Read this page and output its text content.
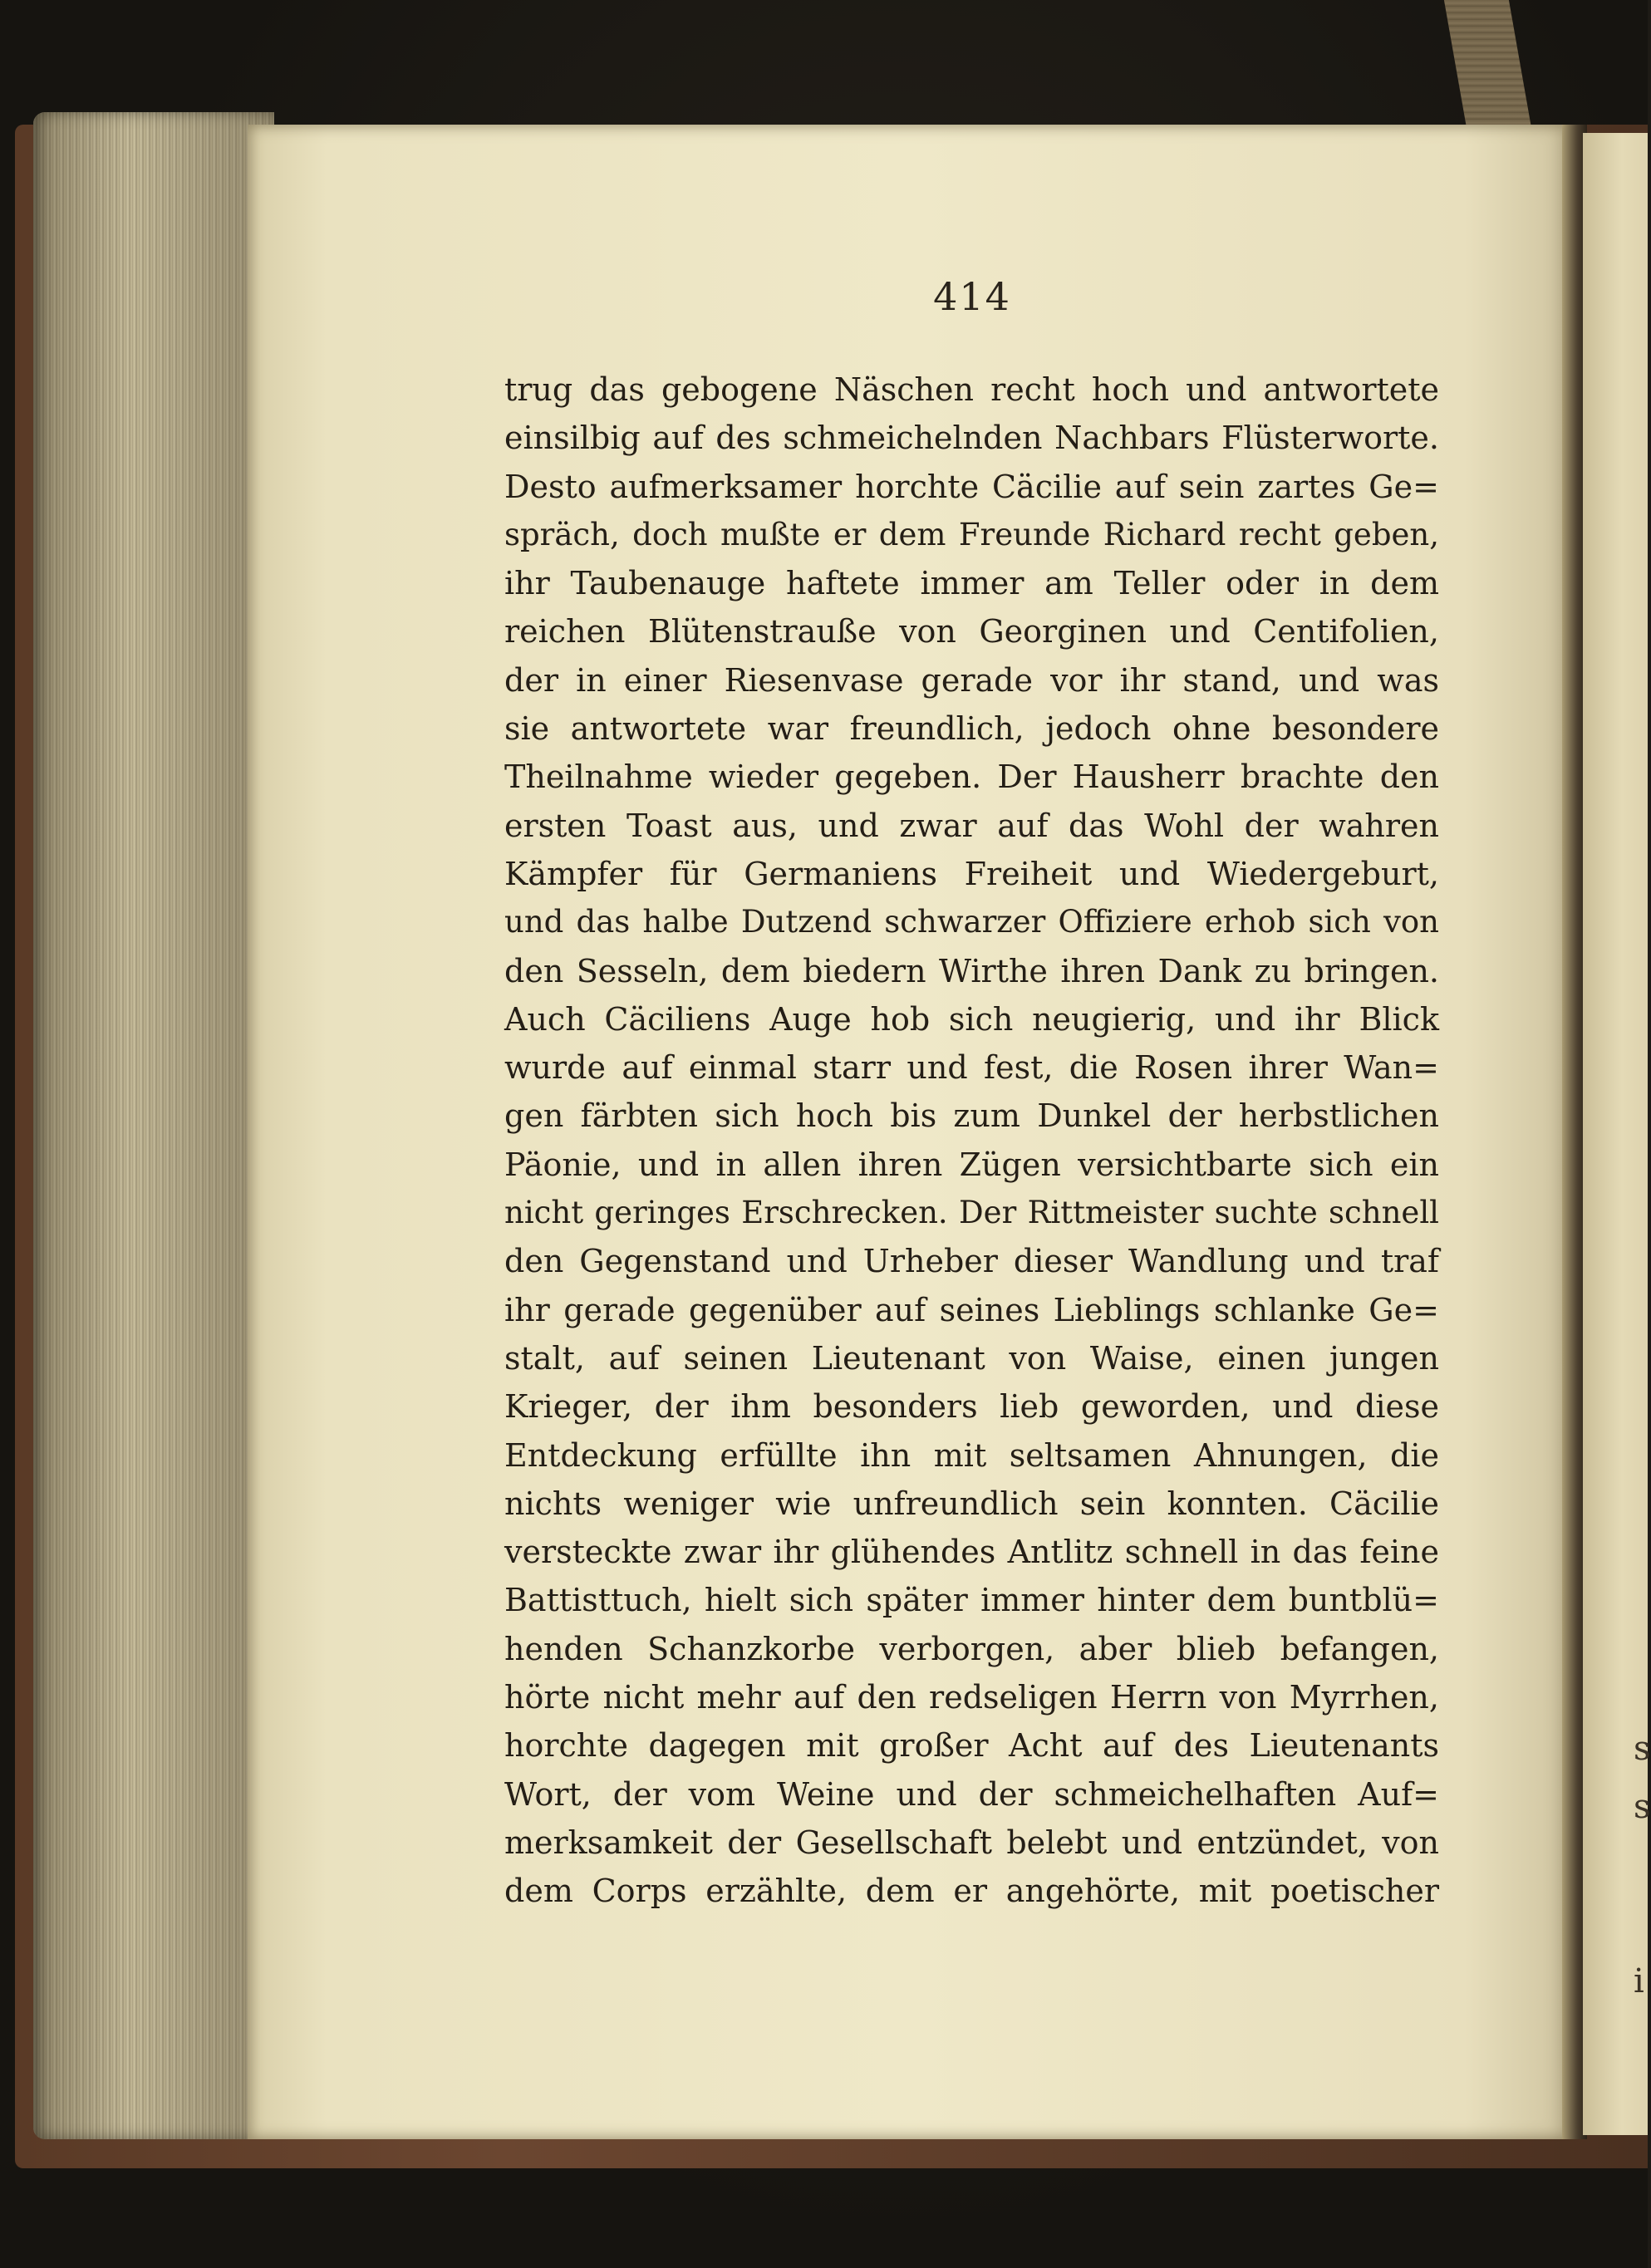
s
s

i
414
trug das gebogene Näschen recht hoch und antwortete
einsilbig auf des schmeichelnden Nachbars Flüsterworte.
Desto aufmerksamer horchte Cäcilie auf sein zartes Ge=
spräch, doch mußte er dem Freunde Richard recht geben,
ihr Taubenauge haftete immer am Teller oder in dem
reichen Blütenstrauße von Georginen und Centifolien,
der in einer Riesenvase gerade vor ihr stand, und was
sie antwortete war freundlich, jedoch ohne besondere
Theilnahme wieder gegeben. Der Hausherr brachte den
ersten Toast aus, und zwar auf das Wohl der wahren
Kämpfer für Germaniens Freiheit und Wiedergeburt,
und das halbe Dutzend schwarzer Offiziere erhob sich von
den Sesseln, dem biedern Wirthe ihren Dank zu bringen.
Auch Cäciliens Auge hob sich neugierig, und ihr Blick
wurde auf einmal starr und fest, die Rosen ihrer Wan=
gen färbten sich hoch bis zum Dunkel der herbstlichen
Päonie, und in allen ihren Zügen versichtbarte sich ein
nicht geringes Erschrecken. Der Rittmeister suchte schnell
den Gegenstand und Urheber dieser Wandlung und traf
ihr gerade gegenüber auf seines Lieblings schlanke Ge=
stalt, auf seinen Lieutenant von Waise, einen jungen
Krieger, der ihm besonders lieb geworden, und diese
Entdeckung erfüllte ihn mit seltsamen Ahnungen, die
nichts weniger wie unfreundlich sein konnten. Cäcilie
versteckte zwar ihr glühendes Antlitz schnell in das feine
Battisttuch, hielt sich später immer hinter dem buntblü=
henden Schanzkorbe verborgen, aber blieb befangen,
hörte nicht mehr auf den redseligen Herrn von Myrrhen,
horchte dagegen mit großer Acht auf des Lieutenants
Wort, der vom Weine und der schmeichelhaften Auf=
merksamkeit der Gesellschaft belebt und entzündet, von
dem Corps erzählte, dem er angehörte, mit poetischer
